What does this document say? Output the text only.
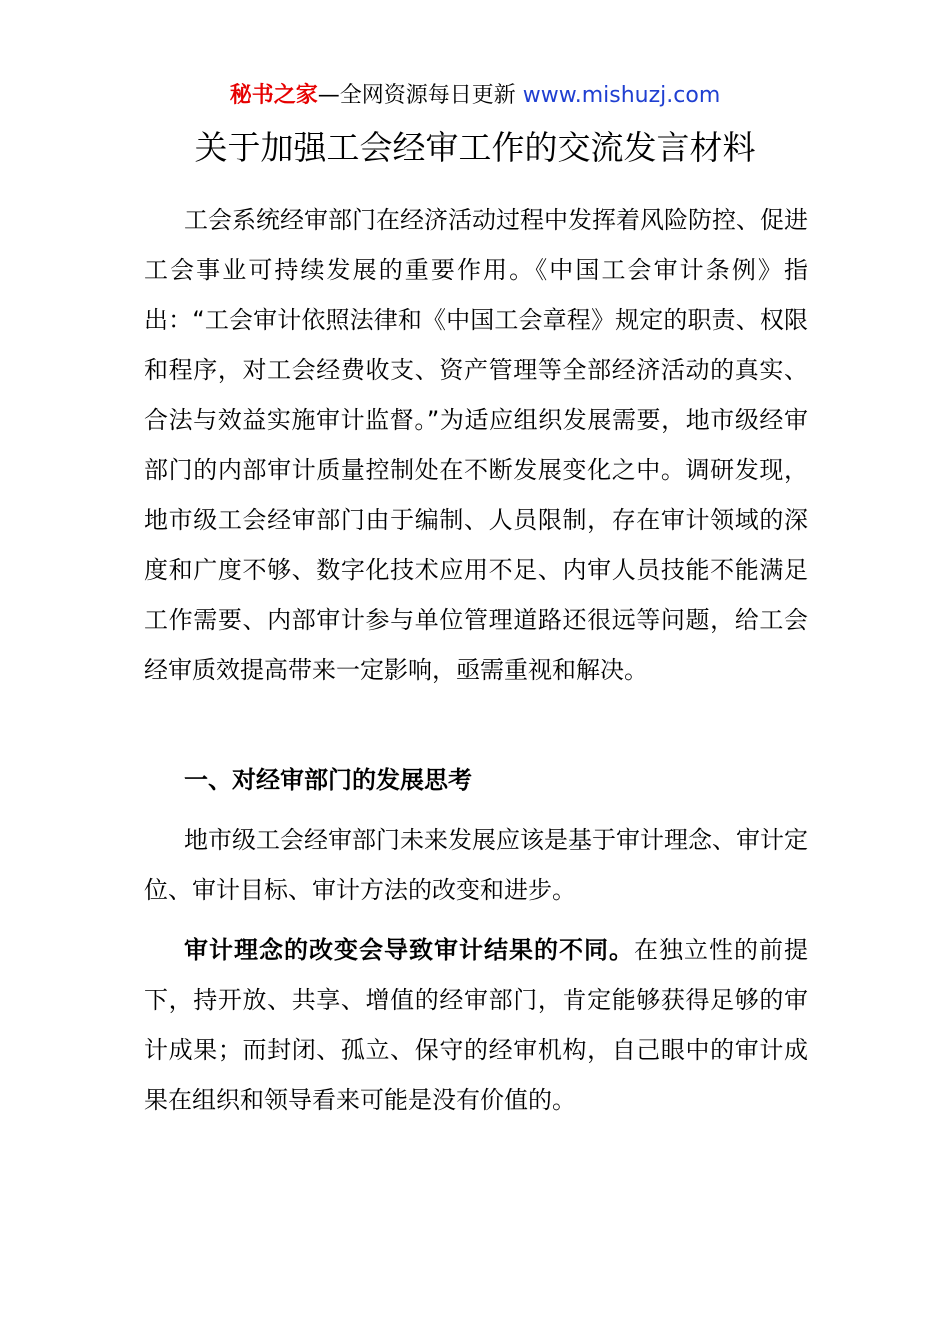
秘书之家—全网资源每日更新 www.mishuzj.com
关于加强工会经审工作的交流发言材料

工会系统经审部门在经济活动过程中发挥着风险防控、促进工会事业可持续发展的重要作用。《中国工会审计条例》指出：“工会审计依照法律和《中国工会章程》规定的职责、权限和程序，对工会经费收支、资产管理等全部经济活动的真实、合法与效益实施审计监督。”为适应组织发展需要，地市级经审部门的内部审计质量控制处在不断发展变化之中。调研发现，地市级工会经审部门由于编制、人员限制，存在审计领域的深度和广度不够、数字化技术应用不足、内审人员技能不能满足工作需要、内部审计参与单位管理道路还很远等问题，给工会经审质效提高带来一定影响，亟需重视和解决。

一、对经审部门的发展思考

地市级工会经审部门未来发展应该是基于审计理念、审计定位、审计目标、审计方法的改变和进步。

审计理念的改变会导致审计结果的不同。在独立性的前提下，持开放、共享、增值的经审部门，肯定能够获得足够的审计成果；而封闭、孤立、保守的经审机构，自己眼中的审计成果在组织和领导看来可能是没有价值的。
